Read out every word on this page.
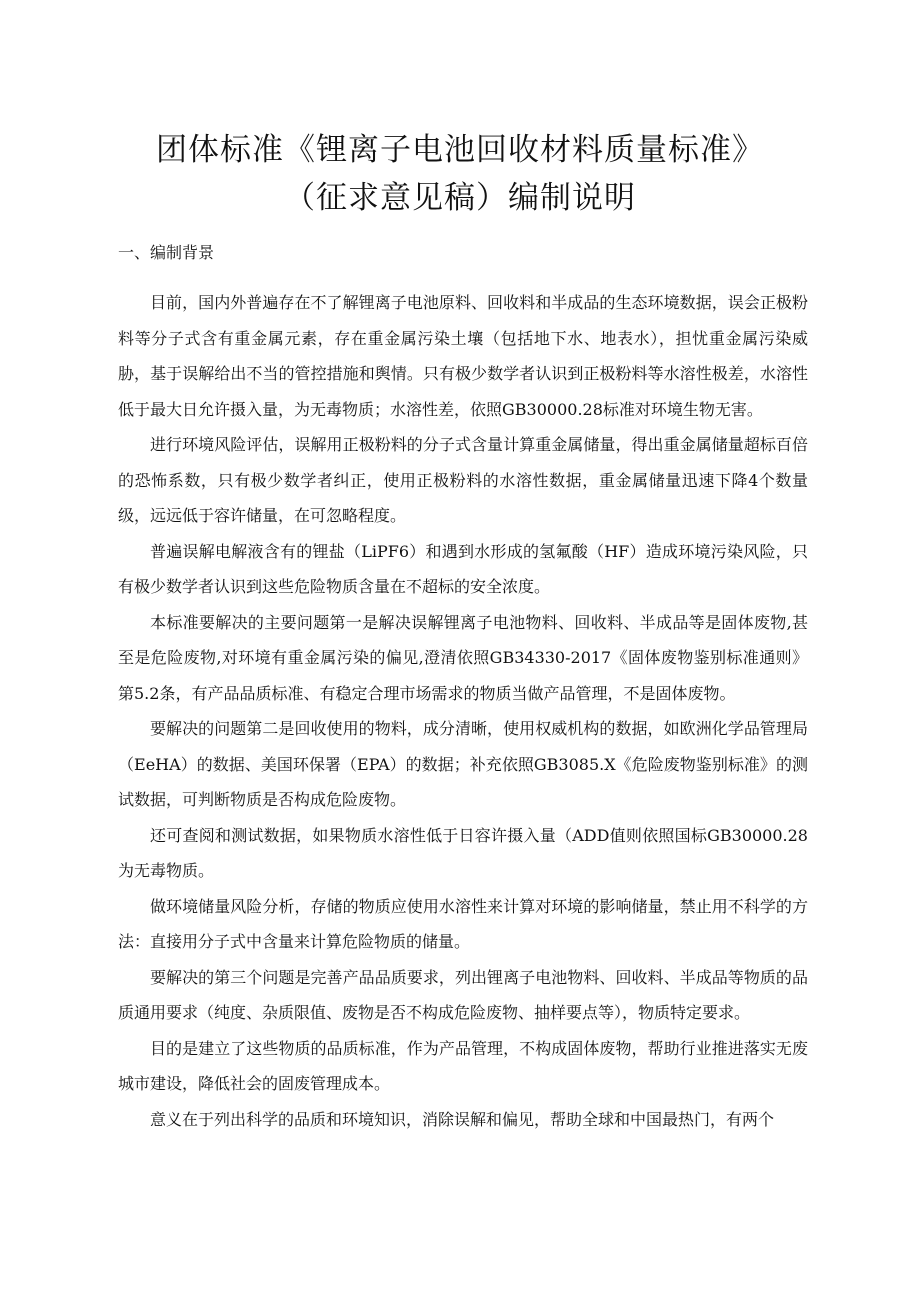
团体标准《锂离子电池回收材料质量标准》
（征求意见稿）编制说明
一、编制背景

目前，国内外普遍存在不了解锂离子电池原料、回收料和半成品的生态环境数据，误会正极粉料等分子式含有重金属元素，存在重金属污染土壤（包括地下水、地表水），担忧重金属污染威胁，基于误解给出不当的管控措施和舆情。只有极少数学者认识到正极粉料等水溶性极差，水溶性低于最大日允许摄入量，为无毒物质；水溶性差，依照GB30000.28标准对环境生物无害。

进行环境风险评估，误解用正极粉料的分子式含量计算重金属储量，得出重金属储量超标百倍的恐怖系数，只有极少数学者纠正，使用正极粉料的水溶性数据，重金属储量迅速下降4个数量级，远远低于容许储量，在可忽略程度。

普遍误解电解液含有的锂盐（LiPF6）和遇到水形成的氢氟酸（HF）造成环境污染风险，只有极少数学者认识到这些危险物质含量在不超标的安全浓度。

本标准要解决的主要问题第一是解决误解锂离子电池物料、回收料、半成品等是固体废物,甚至是危险废物,对环境有重金属污染的偏见,澄清依照GB34330-2017《固体废物鉴别标准通则》第5.2条，有产品品质标准、有稳定合理市场需求的物质当做产品管理，不是固体废物。

要解决的问题第二是回收使用的物料，成分清晰，使用权威机构的数据，如欧洲化学品管理局（EeHA）的数据、美国环保署（EPA）的数据；补充依照GB3085.X《危险废物鉴别标准》的测试数据，可判断物质是否构成危险废物。

还可查阅和测试数据，如果物质水溶性低于日容许摄入量（ADD值则依照国标GB30000.28为无毒物质。

做环境储量风险分析，存储的物质应使用水溶性来计算对环境的影响储量，禁止用不科学的方法：直接用分子式中含量来计算危险物质的储量。

要解决的第三个问题是完善产品品质要求，列出锂离子电池物料、回收料、半成品等物质的品质通用要求（纯度、杂质限值、废物是否不构成危险废物、抽样要点等），物质特定要求。

目的是建立了这些物质的品质标准，作为产品管理，不构成固体废物，帮助行业推进落实无废城市建设，降低社会的固废管理成本。

意义在于列出科学的品质和环境知识，消除误解和偏见，帮助全球和中国最热门，有两个
